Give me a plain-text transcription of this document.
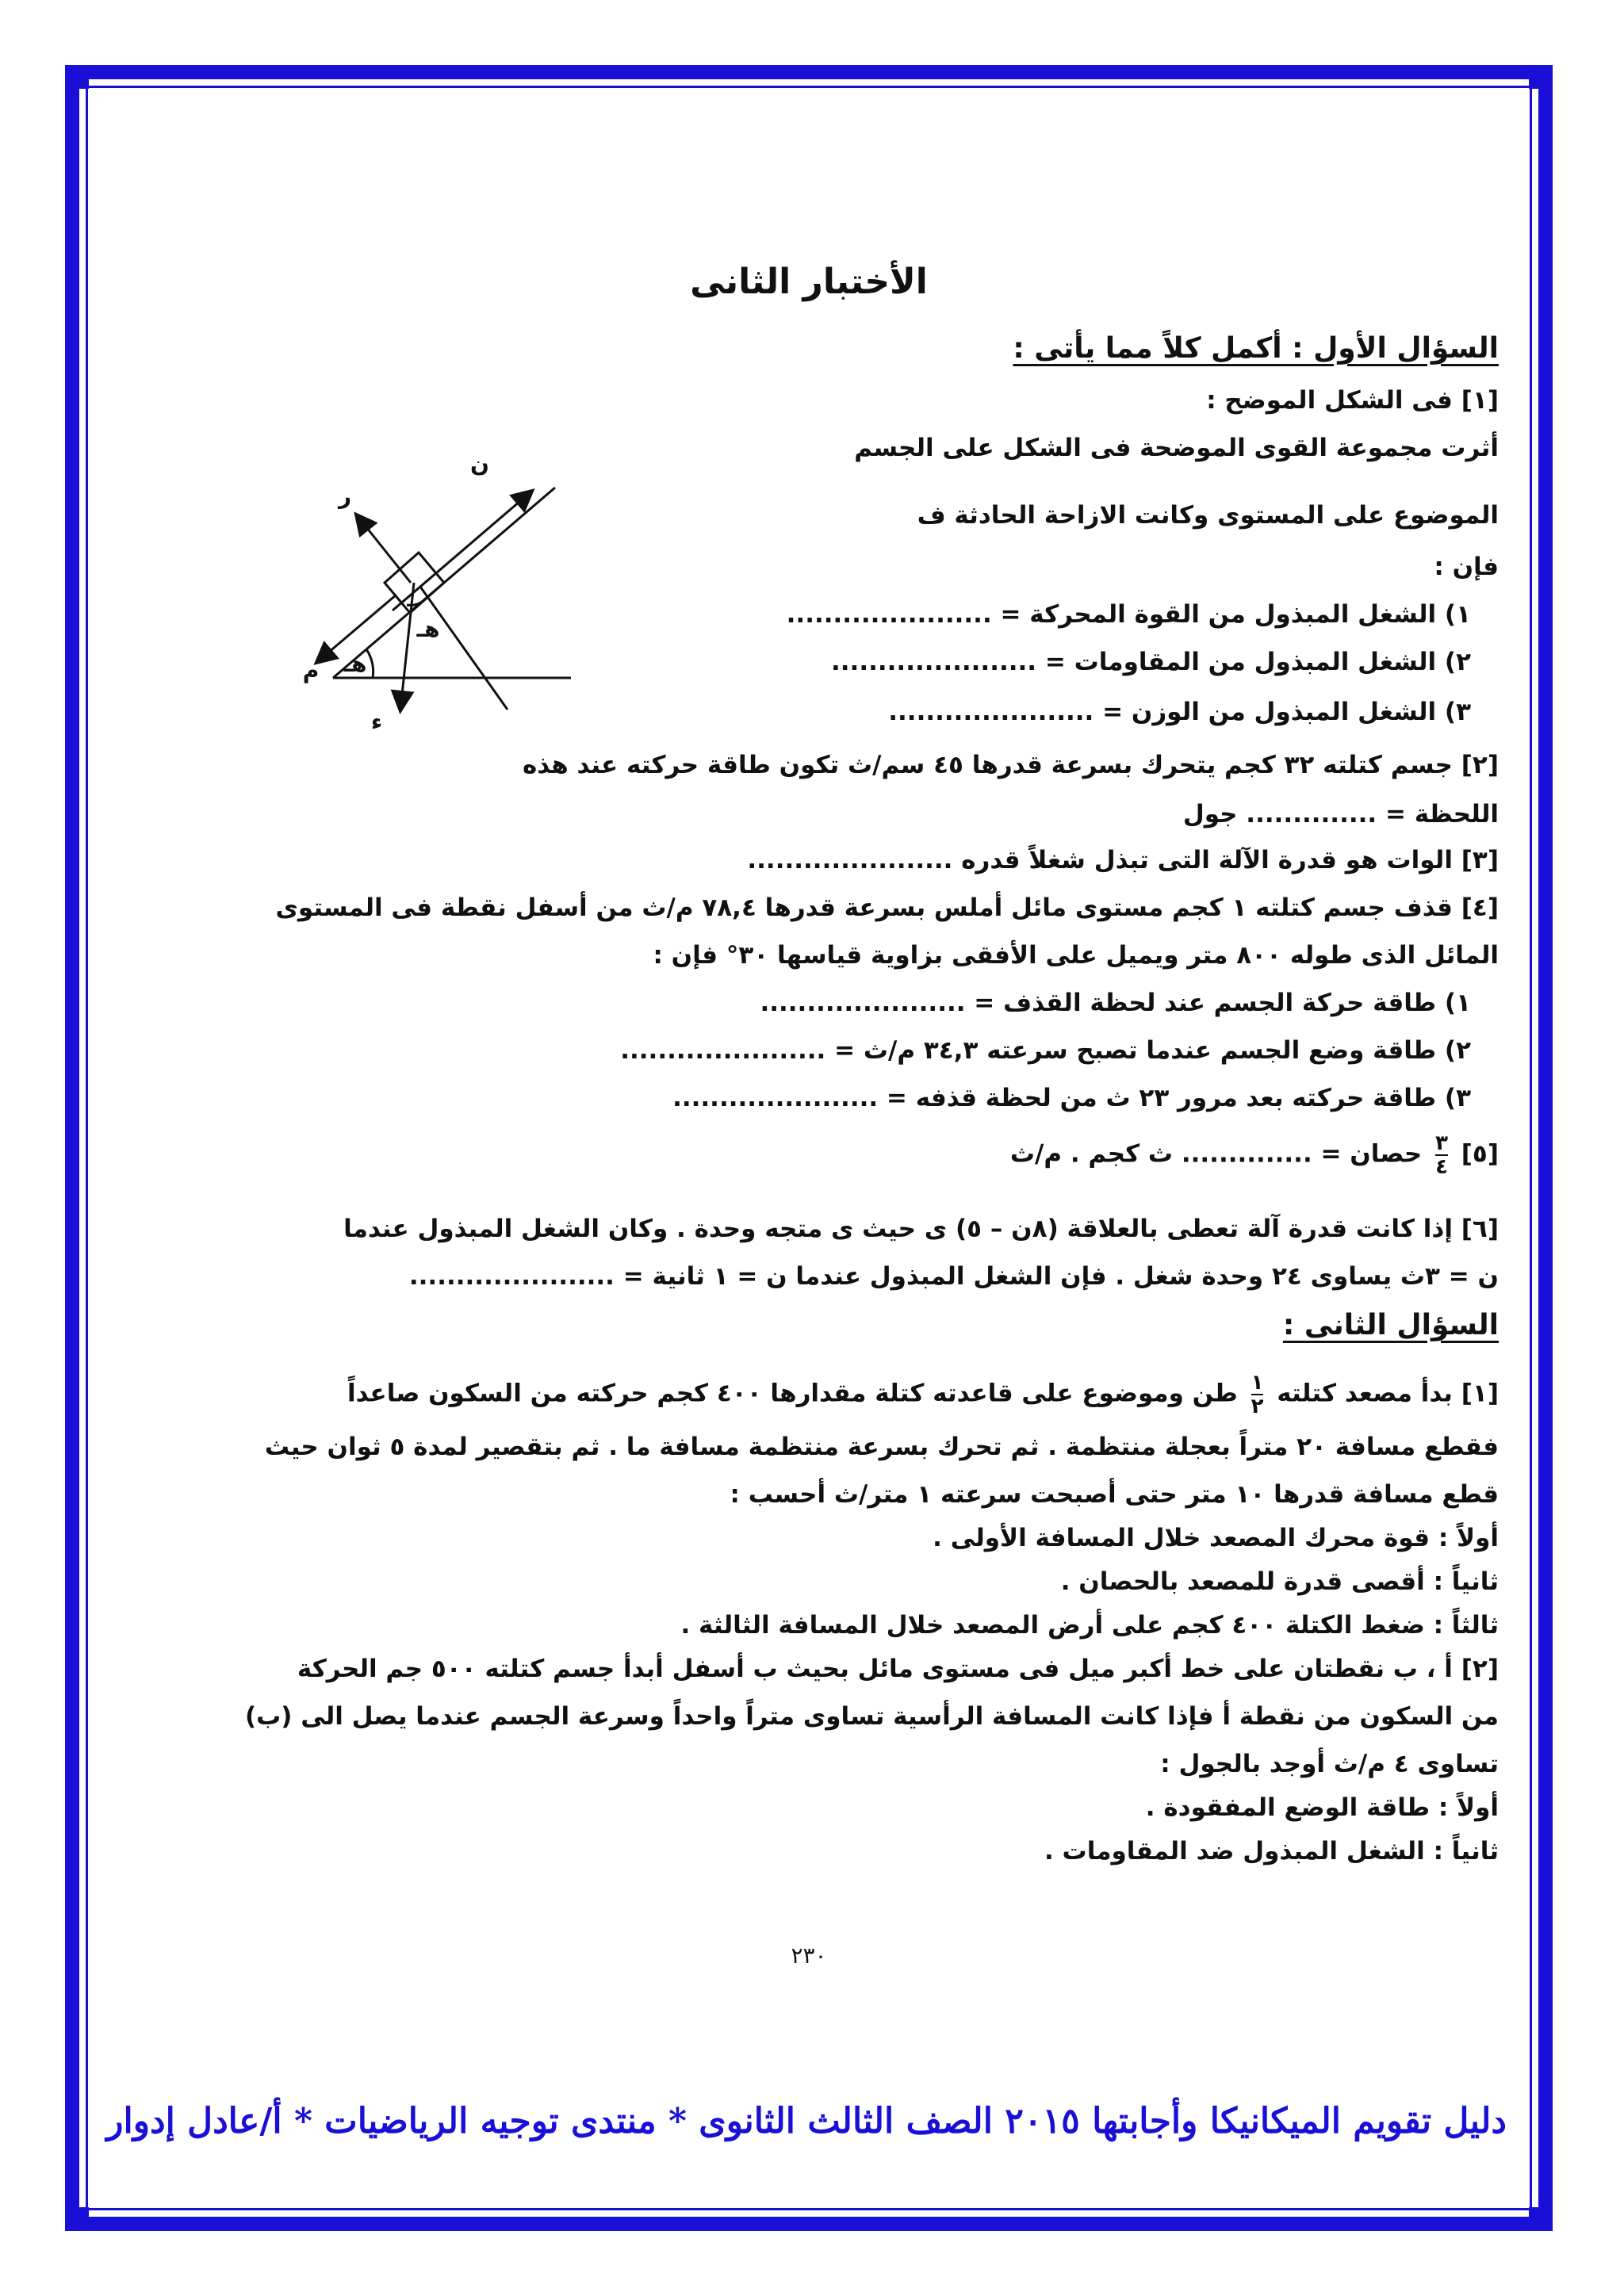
الأختبار الثانى
السؤال الأول : أكمل كلاً مما يأتى :
[١] فى الشكل الموضح :
أثرت مجموعة القوى الموضحة فى الشكل على الجسم
الموضوع على المستوى وكانت الازاحة الحادثة ف
فإن :
١) الشغل المبذول من القوة المحركة = ......................
٢) الشغل المبذول من المقاومات = ......................
٣) الشغل المبذول من الوزن = ......................
ن
ر
م
ء
هـ
هـ
[٢] جسم كتلته ٣٢ كجم يتحرك بسرعة قدرها ٤٥ سم/ث تكون طاقة حركته عند هذه
اللحظة = .............. جول
[٣] الوات هو قدرة الآلة التى تبذل شغلاً قدره ......................
[٤] قذف جسم كتلته ١ كجم مستوى مائل أملس بسرعة قدرها ٧٨,٤ م/ث من أسفل نقطة فى المستوى
المائل الذى طوله ٨٠٠ متر ويميل على الأفقى بزاوية قياسها ٣٠° فإن :
١) طاقة حركة الجسم عند لحظة القذف = ......................
٢) طاقة وضع الجسم عندما تصبح سرعته ٣٤,٣ م/ث = ......................
٣) طاقة حركته بعد مرور ٢٣ ث من لحظة قذفه = ......................
[٥]
$\frac{٣}{٤}$
حصان = .............. ث كجم . م/ث
[٦] إذا كانت قدرة آلة تعطى بالعلاقة (٨ن – ٥) ى حيث ى متجه وحدة . وكان الشغل المبذول عندما
ن = ٣ث يساوى ٢٤ وحدة شغل . فإن الشغل المبذول عندما ن = ١ ثانية = ......................
السؤال الثانى :
[١] بدأ مصعد كتلته
$\frac{١}{٢}$
طن وموضوع على قاعدته كتلة مقدارها ٤٠٠ كجم حركته من السكون صاعداً
فقطع مسافة ٢٠ متراً بعجلة منتظمة . ثم تحرك بسرعة منتظمة مسافة ما . ثم بتقصير لمدة ٥ ثوان حيث
قطع مسافة قدرها ١٠ متر حتى أصبحت سرعته ١ متر/ث أحسب :
أولاً : قوة محرك المصعد خلال المسافة الأولى .
ثانياً : أقصى قدرة للمصعد بالحصان .
ثالثاً : ضغط الكتلة ٤٠٠ كجم على أرض المصعد خلال المسافة الثالثة .
[٢] أ ، ب نقطتان على خط أكبر ميل فى مستوى مائل بحيث ب أسفل أبدأ جسم كتلته ٥٠٠ جم الحركة
من السكون من نقطة أ فإذا كانت المسافة الرأسية تساوى متراً واحداً وسرعة الجسم عندما يصل الى (ب)
تساوى ٤ م/ث أوجد بالجول :
أولاً : طاقة الوضع المفقودة .
ثانياً : الشغل المبذول ضد المقاومات .
٢٣٠
دليل تقويم الميكانيكا وأجابتها ٢٠١٥ الصف الثالث الثانوى * منتدى توجيه الرياضيات * أ/عادل إدوار
